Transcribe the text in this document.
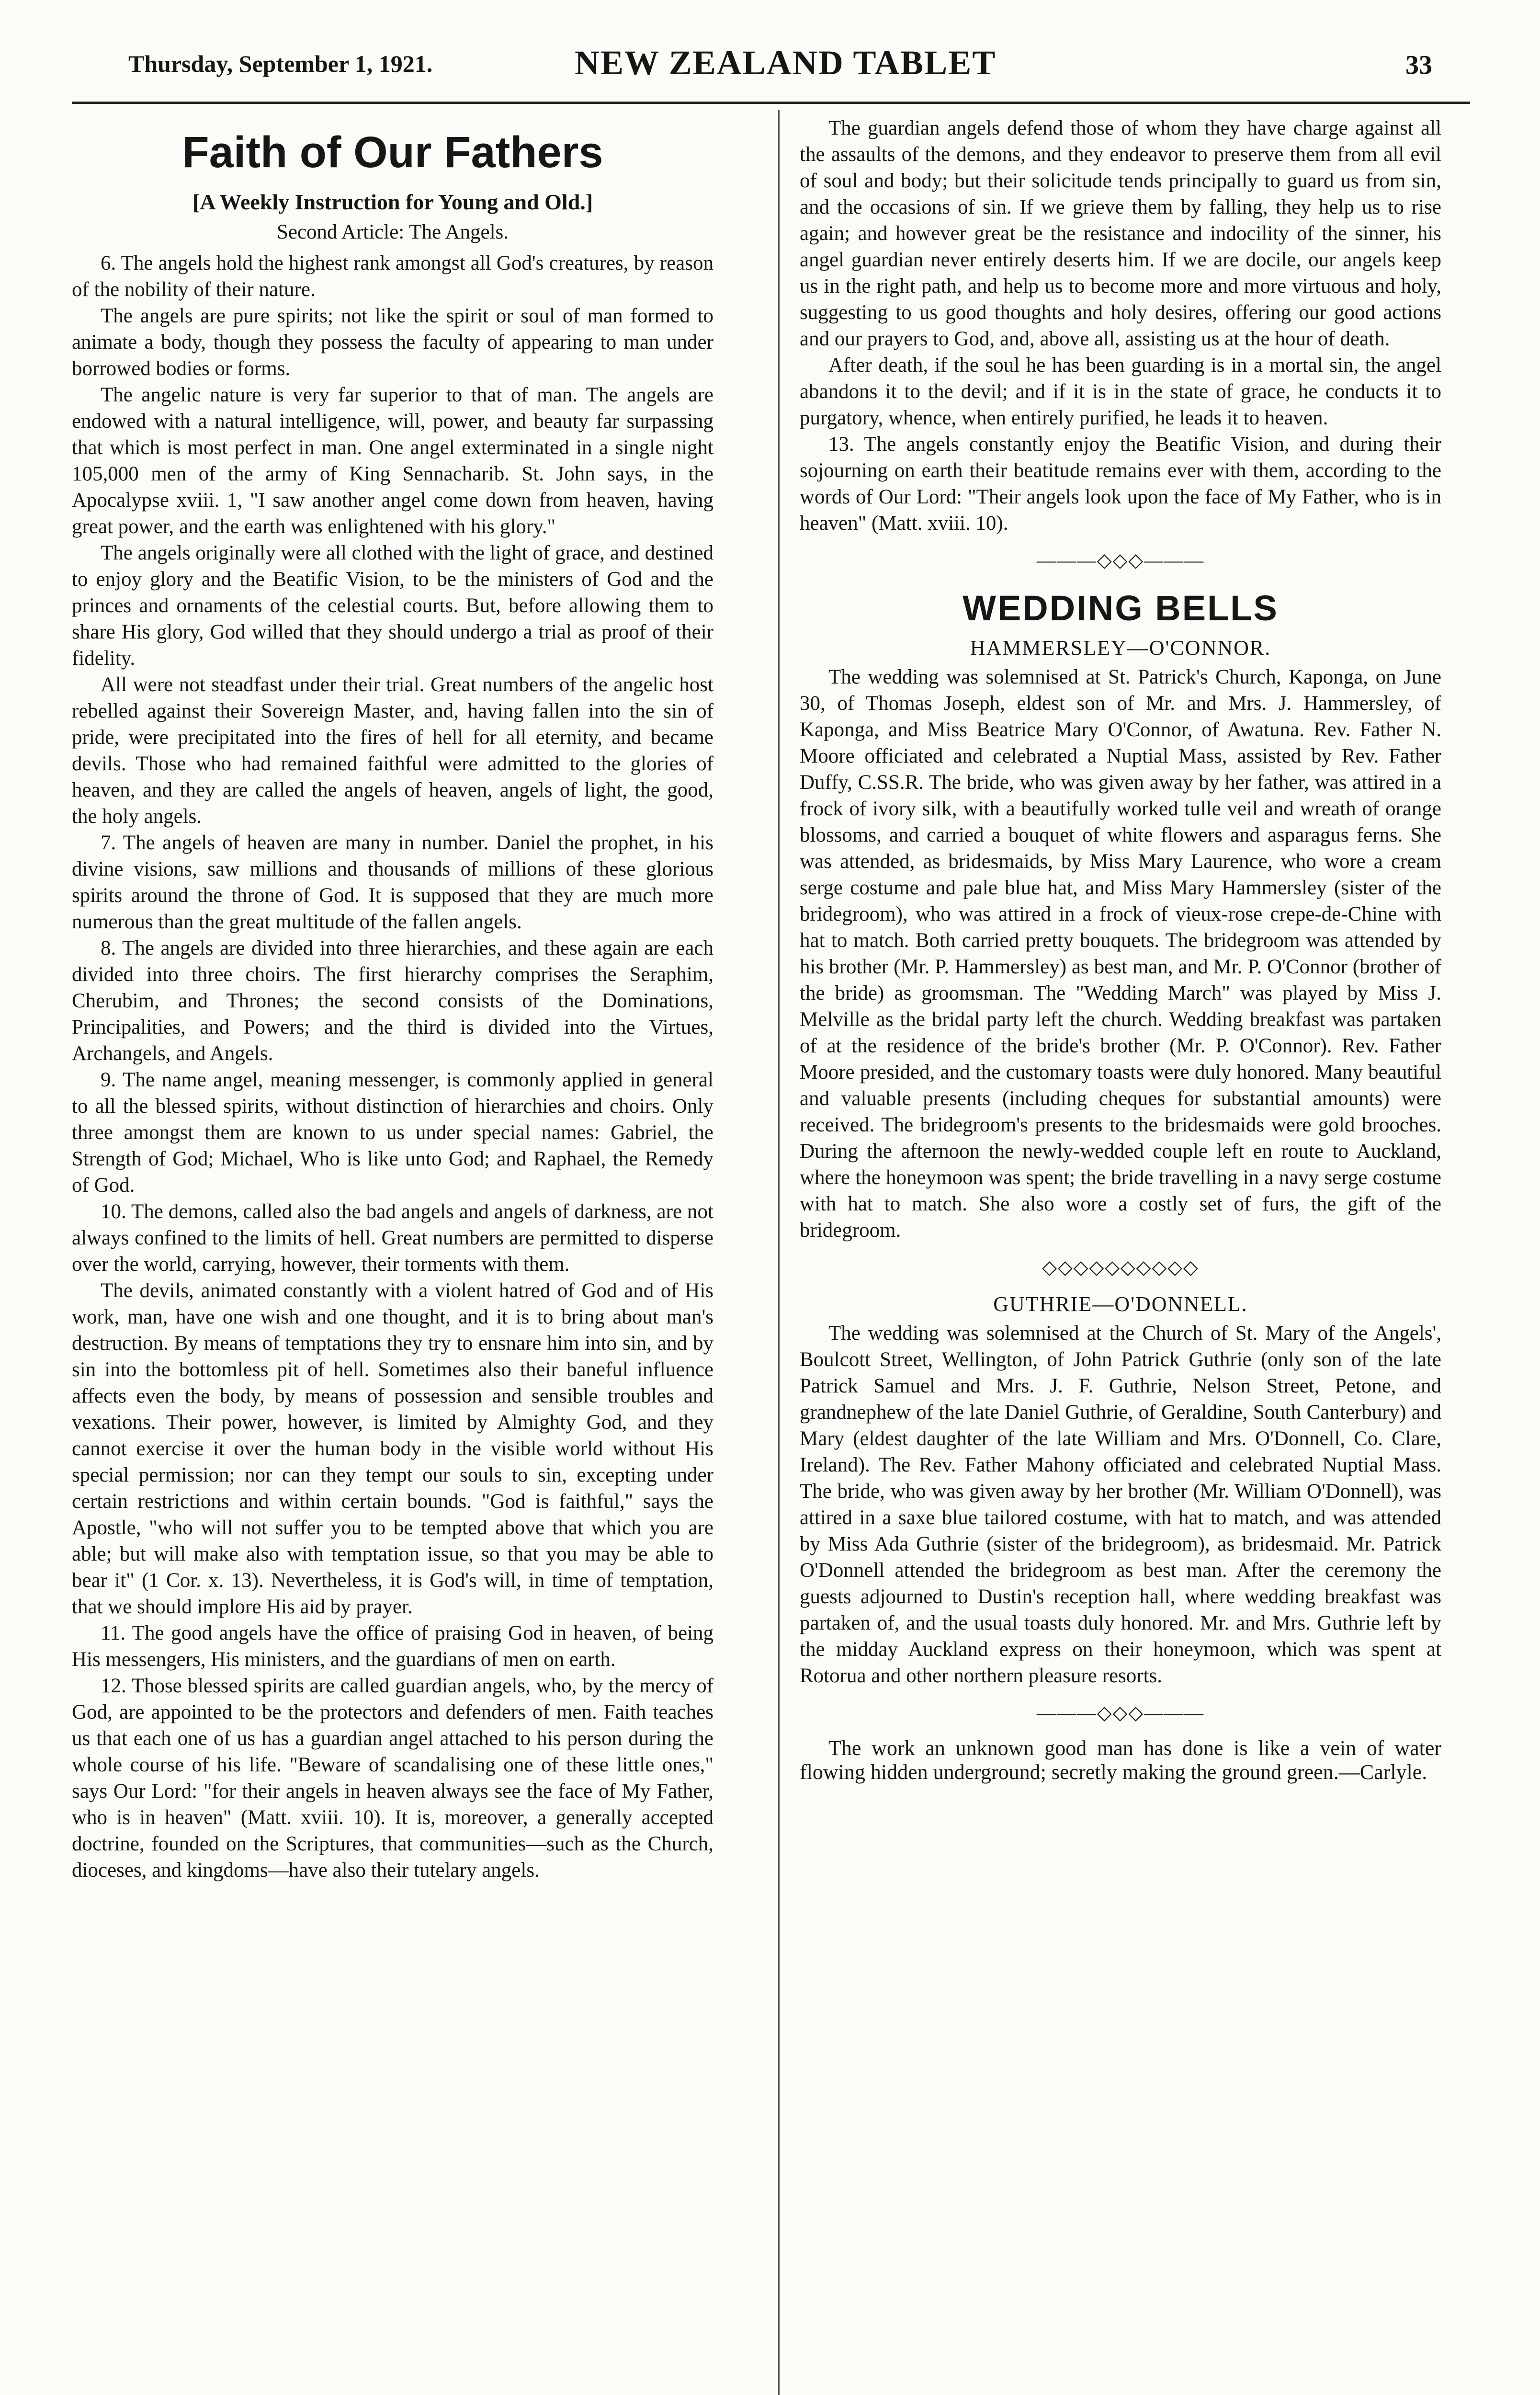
Thursday, September 1, 1921.	NEW ZEALAND TABLET	33
Faith of Our Fathers
[A Weekly Instruction for Young and Old.]
Second Article: The Angels.

6. The angels hold the highest rank amongst all God's creatures, by reason of the nobility of their nature.

The angels are pure spirits; not like the spirit or soul of man formed to animate a body, though they possess the faculty of appearing to man under borrowed bodies or forms.

The angelic nature is very far superior to that of man. The angels are endowed with a natural intelligence, will, power, and beauty far surpassing that which is most perfect in man. One angel exterminated in a single night 105,000 men of the army of King Sennacharib. St. John says, in the Apocalypse xviii. 1, "I saw another angel come down from heaven, having great power, and the earth was enlightened with his glory."

The angels originally were all clothed with the light of grace, and destined to enjoy glory and the Beatific Vision, to be the ministers of God and the princes and ornaments of the celestial courts. But, before allowing them to share His glory, God willed that they should undergo a trial as proof of their fidelity.

All were not steadfast under their trial. Great numbers of the angelic host rebelled against their Sovereign Master, and, having fallen into the sin of pride, were precipitated into the fires of hell for all eternity, and became devils. Those who had remained faithful were admitted to the glories of heaven, and they are called the angels of heaven, angels of light, the good, the holy angels.

7. The angels of heaven are many in number. Daniel the prophet, in his divine visions, saw millions and thousands of millions of these glorious spirits around the throne of God. It is supposed that they are much more numerous than the great multitude of the fallen angels.

8. The angels are divided into three hierarchies, and these again are each divided into three choirs. The first hierarchy comprises the Seraphim, Cherubim, and Thrones; the second consists of the Dominations, Principalities, and Powers; and the third is divided into the Virtues, Archangels, and Angels.

9. The name angel, meaning messenger, is commonly applied in general to all the blessed spirits, without distinction of hierarchies and choirs. Only three amongst them are known to us under special names: Gabriel, the Strength of God; Michael, Who is like unto God; and Raphael, the Remedy of God.

10. The demons, called also the bad angels and angels of darkness, are not always confined to the limits of hell. Great numbers are permitted to disperse over the world, carrying, however, their torments with them.

The devils, animated constantly with a violent hatred of God and of His work, man, have one wish and one thought, and it is to bring about man's destruction. By means of temptations they try to ensnare him into sin, and by sin into the bottomless pit of hell. Sometimes also their baneful influence affects even the body, by means of possession and sensible troubles and vexations. Their power, however, is limited by Almighty God, and they cannot exercise it over the human body in the visible world without His special permission; nor can they tempt our souls to sin, excepting under certain restrictions and within certain bounds. "God is faithful," says the Apostle, "who will not suffer you to be tempted above that which you are able; but will make also with temptation issue, so that you may be able to bear it" (1 Cor. x. 13). Nevertheless, it is God's will, in time of temptation, that we should implore His aid by prayer.

11. The good angels have the office of praising God in heaven, of being His messengers, His ministers, and the guardians of men on earth.

12. Those blessed spirits are called guardian angels, who, by the mercy of God, are appointed to be the protectors and defenders of men. Faith teaches us that each one of us has a guardian angel attached to his person during the whole course of his life. "Beware of scandalising one of these little ones," says Our Lord: "for their angels in heaven always see the face of My Father, who is in heaven" (Matt. xviii. 10). It is, moreover, a generally accepted doctrine, founded on the Scriptures, that communities—such as the Church, dioceses, and kingdoms—have also their tutelary angels.

The guardian angels defend those of whom they have charge against all the assaults of the demons, and they endeavor to preserve them from all evil of soul and body; but their solicitude tends principally to guard us from sin, and the occasions of sin. If we grieve them by falling, they help us to rise again; and however great be the resistance and indocility of the sinner, his angel guardian never entirely deserts him. If we are docile, our angels keep us in the right path, and help us to become more and more virtuous and holy, suggesting to us good thoughts and holy desires, offering our good actions and our prayers to God, and, above all, assisting us at the hour of death.

After death, if the soul he has been guarding is in a mortal sin, the angel abandons it to the devil; and if it is in the state of grace, he conducts it to purgatory, whence, when entirely purified, he leads it to heaven.

13. The angels constantly enjoy the Beatific Vision, and during their sojourning on earth their beatitude remains ever with them, according to the words of Our Lord: "Their angels look upon the face of My Father, who is in heaven" (Matt. xviii. 10).

———◇◇◇———
WEDDING BELLS
HAMMERSLEY—O'CONNOR.

The wedding was solemnised at St. Patrick's Church, Kaponga, on June 30, of Thomas Joseph, eldest son of Mr. and Mrs. J. Hammersley, of Kaponga, and Miss Beatrice Mary O'Connor, of Awatuna. Rev. Father N. Moore officiated and celebrated a Nuptial Mass, assisted by Rev. Father Duffy, C.SS.R. The bride, who was given away by her father, was attired in a frock of ivory silk, with a beautifully worked tulle veil and wreath of orange blossoms, and carried a bouquet of white flowers and asparagus ferns. She was attended, as bridesmaids, by Miss Mary Laurence, who wore a cream serge costume and pale blue hat, and Miss Mary Hammersley (sister of the bridegroom), who was attired in a frock of vieux-rose crepe-de-Chine with hat to match. Both carried pretty bouquets. The bridegroom was attended by his brother (Mr. P. Hammersley) as best man, and Mr. P. O'Connor (brother of the bride) as groomsman. The "Wedding March" was played by Miss J. Melville as the bridal party left the church. Wedding breakfast was partaken of at the residence of the bride's brother (Mr. P. O'Connor). Rev. Father Moore presided, and the customary toasts were duly honored. Many beautiful and valuable presents (including cheques for substantial amounts) were received. The bridegroom's presents to the bridesmaids were gold brooches. During the afternoon the newly-wedded couple left en route to Auckland, where the honeymoon was spent; the bride travelling in a navy serge costume with hat to match. She also wore a costly set of furs, the gift of the bridegroom.

◇◇◇◇◇◇◇◇◇◇
GUTHRIE—O'DONNELL.

The wedding was solemnised at the Church of St. Mary of the Angels', Boulcott Street, Wellington, of John Patrick Guthrie (only son of the late Patrick Samuel and Mrs. J. F. Guthrie, Nelson Street, Petone, and grandnephew of the late Daniel Guthrie, of Geraldine, South Canterbury) and Mary (eldest daughter of the late William and Mrs. O'Donnell, Co. Clare, Ireland). The Rev. Father Mahony officiated and celebrated Nuptial Mass. The bride, who was given away by her brother (Mr. William O'Donnell), was attired in a saxe blue tailored costume, with hat to match, and was attended by Miss Ada Guthrie (sister of the bridegroom), as bridesmaid. Mr. Patrick O'Donnell attended the bridegroom as best man. After the ceremony the guests adjourned to Dustin's reception hall, where wedding breakfast was partaken of, and the usual toasts duly honored. Mr. and Mrs. Guthrie left by the midday Auckland express on their honeymoon, which was spent at Rotorua and other northern pleasure resorts.

———◇◇◇———

The work an unknown good man has done is like a vein of water flowing hidden underground; secretly making the ground green.—Carlyle.
